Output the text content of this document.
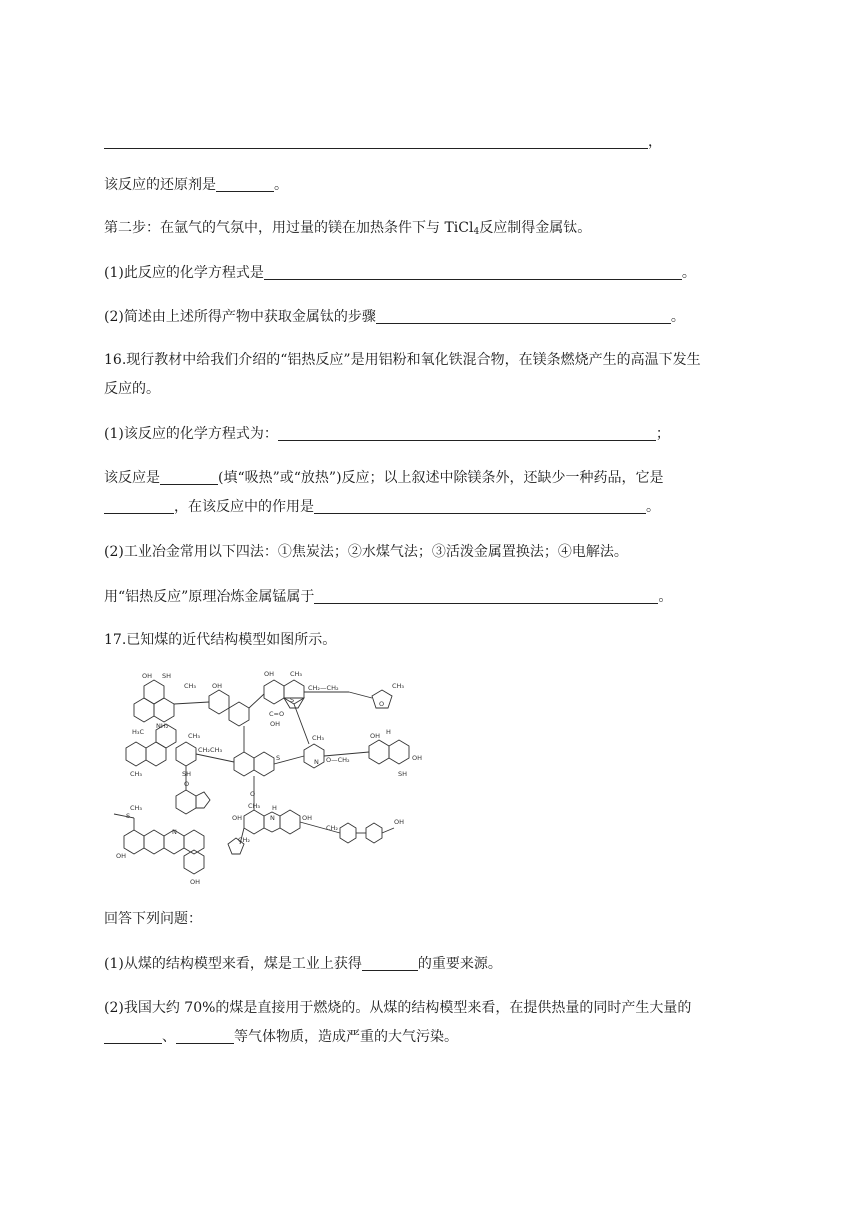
，
该反应的还原剂是	。
第二步：在氩气的气氛中，用过量的镁在加热条件下与 TiCl$_4$反应制得金属钛。
(1)此反应的化学方程式是	。
(2)简述由上述所得产物中获取金属钛的步骤	。
16.现行教材中给我们介绍的“铝热反应”是用铝粉和氧化铁混合物，在镁条燃烧产生的高温下发生
反应的。
(1)该反应的化学方程式为：	；
该反应是	(填“吸热”或“放热”)反应；以上叙述中除镁条外，还缺少一种药品，它是
，在该反应中的作用是	。
(2)工业冶金常用以下四法：①焦炭法；②水煤气法；③活泼金属置换法；④电解法。
用“铝热反应”原理冶炼金属锰属于	。
17.已知煤的近代结构模型如图所示。
OH SH
NH₂
CH₃
H₃C
OH
OH CH₃
C=O
OH
S
CH₂—CH₂	CH₃
O
CH₃
CH₂CH₃
CH₃	SH
O
S
CH₃
N O—CH₂
OH H
OH
SH
O
CH₃ H
N
OH	OH
CH₂
CH₂
OH
CH₃
S
N
OH
OH
回答下列问题：
(1)从煤的结构模型来看，煤是工业上获得	的重要来源。
(2)我国大约 70%的煤是直接用于燃烧的。从煤的结构模型来看，在提供热量的同时产生大量的
、	等气体物质，造成严重的大气污染。
